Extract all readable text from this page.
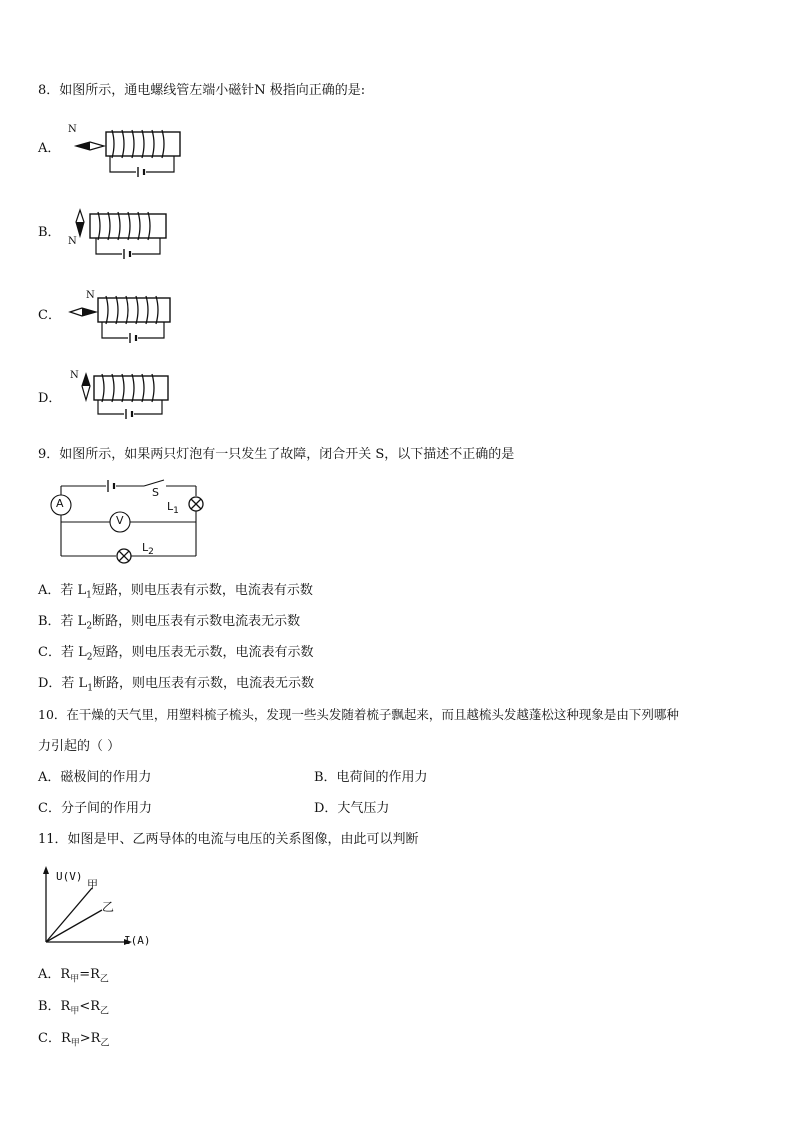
8．如图所示，通电螺线管左端小磁针N 极指向正确的是:
A．
N
B．
N
C．
N
D．
N
9．如图所示，如果两只灯泡有一只发生了故障，闭合开关 S，以下描述不正确的是
A
V
S
$L_1$
$L_2$
A．若 $L_1$短路，则电压表有示数，电流表有示数
B．若 $L_2$断路，则电压表有示数电流表无示数
C．若 $L_2$短路，则电压表无示数，电流表有示数
D．若 $L_1$断路，则电压表有示数，电流表无示数
10．在干燥的天气里，用塑料梳子梳头，发现一些头发随着梳子飘起来，而且越梳头发越蓬松这种现象是由下列哪种
力引起的（ ）
A．磁极间的作用力	B．电荷间的作用力
C．分子间的作用力	D．大气压力
11．如图是甲、乙两导体的电流与电压的关系图像，由此可以判断
U(V)
I(A)
甲
乙
A．$R_甲=R_乙$
B．$R_甲<R_乙$
C．$R_甲>R_乙$
